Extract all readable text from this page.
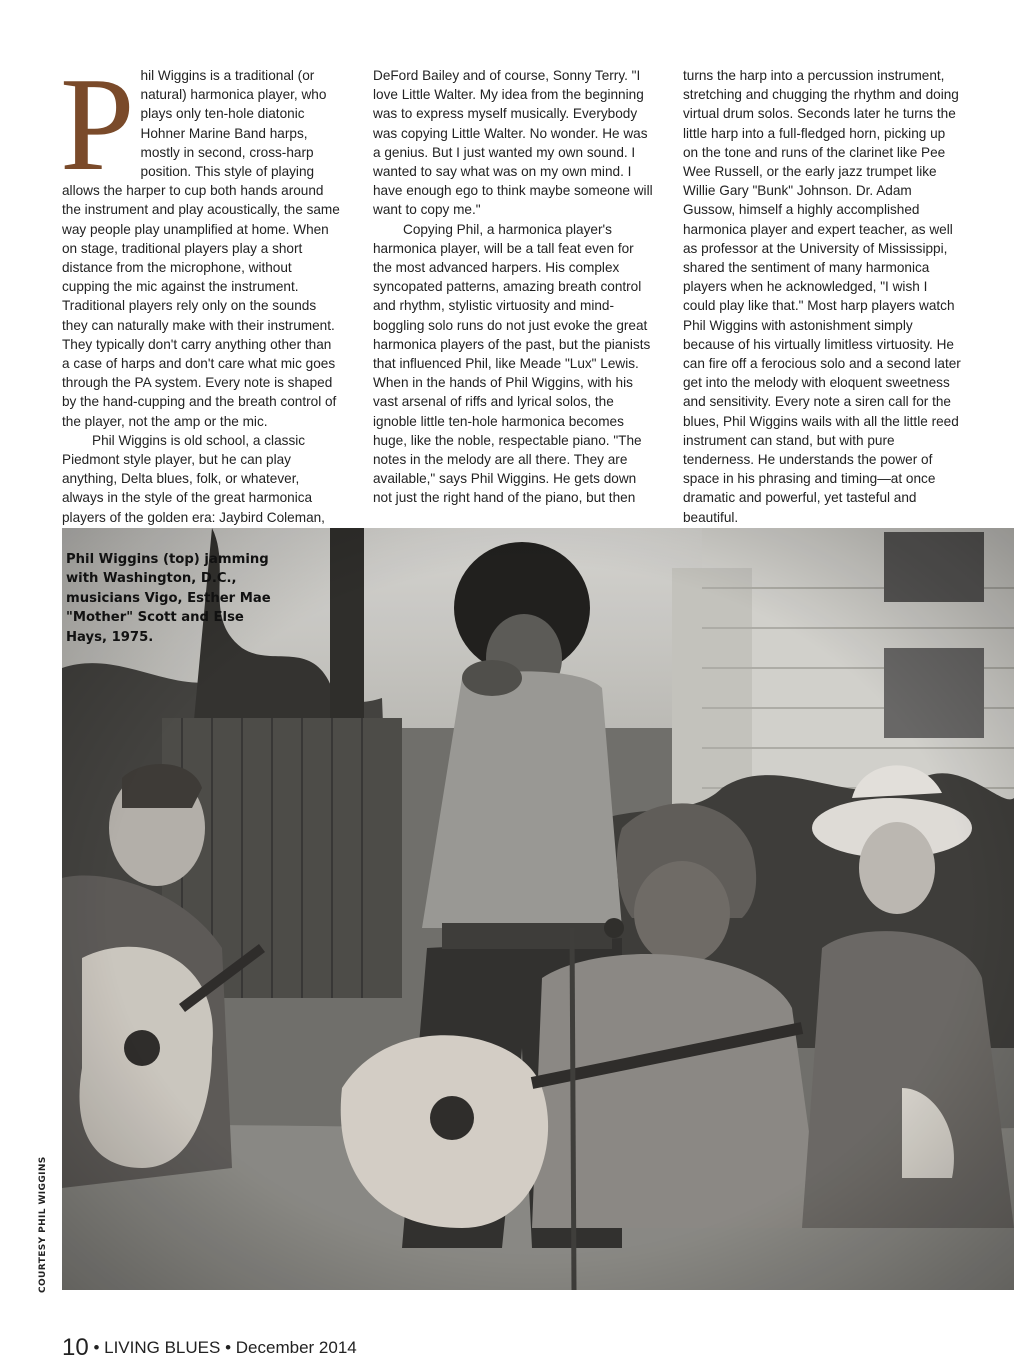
P hil Wiggins is a traditional (or natural) harmonica player, who plays only ten-hole diatonic Hohner Marine Band harps, mostly in second, cross-harp position. This style of playing allows the harper to cup both hands around the instrument and play acoustically, the same way people play unamplified at home. When on stage, traditional players play a short distance from the microphone, without cupping the mic against the instrument. Traditional players rely only on the sounds they can naturally make with their instrument. They typically don't carry anything other than a case of harps and don't care what mic goes through the PA system. Every note is shaped by the hand-cupping and the breath control of the player, not the amp or the mic.

Phil Wiggins is old school, a classic Piedmont style player, but he can play anything, Delta blues, folk, or whatever, always in the style of the great harmonica players of the golden era: Jaybird Coleman,

DeFord Bailey and of course, Sonny Terry. "I love Little Walter. My idea from the beginning was to express myself musically. Everybody was copying Little Walter. No wonder. He was a genius. But I just wanted my own sound. I wanted to say what was on my own mind. I have enough ego to think maybe someone will want to copy me."

Copying Phil, a harmonica player's harmonica player, will be a tall feat even for the most advanced harpers. His complex syncopated patterns, amazing breath control and rhythm, stylistic virtuosity and mind-boggling solo runs do not just evoke the great harmonica players of the past, but the pianists that influenced Phil, like Meade "Lux" Lewis. When in the hands of Phil Wiggins, with his vast arsenal of riffs and lyrical solos, the ignoble little ten-hole harmonica becomes huge, like the noble, respectable piano. "The notes in the melody are all there. They are available," says Phil Wiggins. He gets down not just the right hand of the piano, but then

turns the harp into a percussion instrument, stretching and chugging the rhythm and doing virtual drum solos. Seconds later he turns the little harp into a full-fledged horn, picking up on the tone and runs of the clarinet like Pee Wee Russell, or the early jazz trumpet like Willie Gary "Bunk" Johnson. Dr. Adam Gussow, himself a highly accomplished harmonica player and expert teacher, as well as professor at the University of Mississippi, shared the sentiment of many harmonica players when he acknowledged, "I wish I could play like that." Most harp players watch Phil Wiggins with astonishment simply because of his virtually limitless virtuosity. He can fire off a ferocious solo and a second later get into the melody with eloquent sweetness and sensitivity. Every note a siren call for the blues, Phil Wiggins wails with all the little reed instrument can stand, but with pure tenderness. He understands the power of space in his phrasing and timing—at once dramatic and powerful, yet tasteful and beautiful.

Phil Wiggins (top) jamming with Washington, D.C., musicians Vigo, Esther Mae "Mother" Scott and Else Hays, 1975.
COURTESY PHIL WIGGINS
10 • LIVING BLUES • December 2014
